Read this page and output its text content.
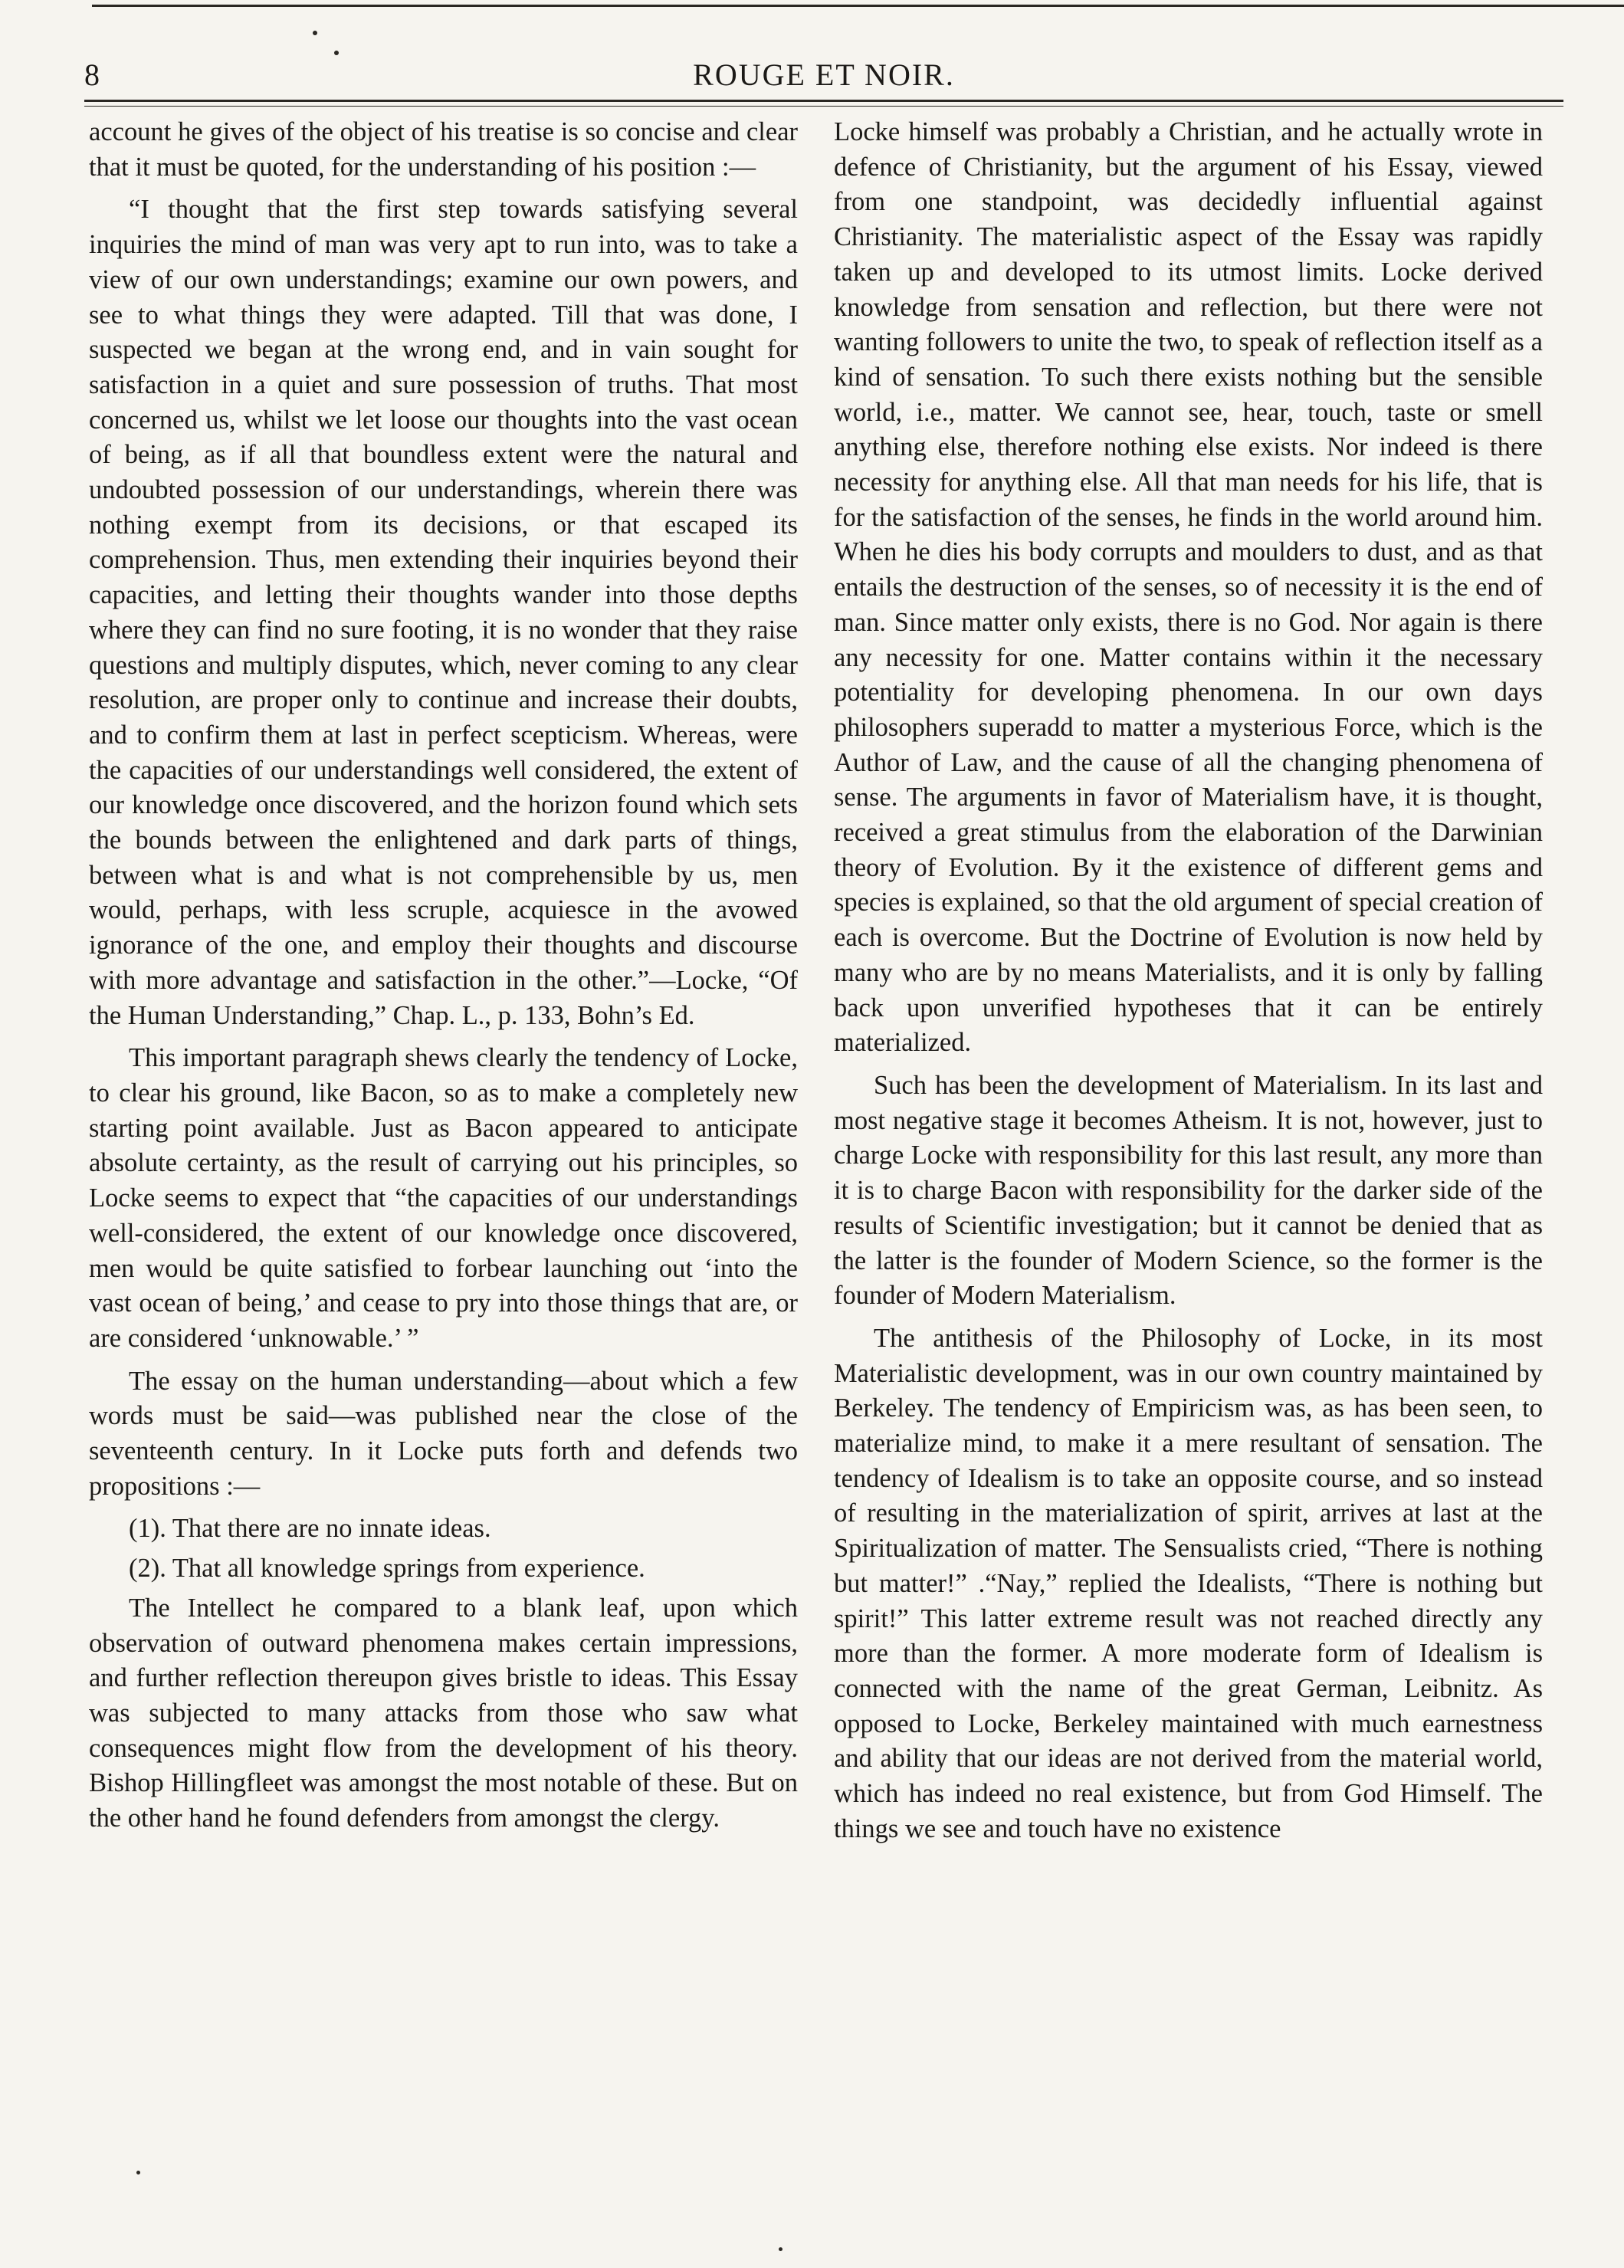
8	ROUGE ET NOIR.

account he gives of the object of his treatise is so concise and clear that it must be quoted, for the understanding of his position :—

“I thought that the first step towards satisfying several inquiries the mind of man was very apt to run into, was to take a view of our own understandings; examine our own powers, and see to what things they were adapted. Till that was done, I suspected we began at the wrong end, and in vain sought for satisfaction in a quiet and sure possession of truths. That most concerned us, whilst we let loose our thoughts into the vast ocean of being, as if all that boundless extent were the natural and undoubted possession of our understandings, wherein there was nothing exempt from its decisions, or that escaped its comprehension. Thus, men extending their inquiries beyond their capacities, and letting their thoughts wander into those depths where they can find no sure footing, it is no wonder that they raise questions and multiply disputes, which, never coming to any clear resolution, are proper only to continue and increase their doubts, and to confirm them at last in perfect scepticism. Whereas, were the capacities of our understandings well considered, the extent of our knowledge once discovered, and the horizon found which sets the bounds between the enlightened and dark parts of things, between what is and what is not comprehensible by us, men would, perhaps, with less scruple, acquiesce in the avowed ignorance of the one, and employ their thoughts and discourse with more advantage and satisfaction in the other.”—Locke, “Of the Human Understanding,” Chap. L., p. 133, Bohn’s Ed.

This important paragraph shews clearly the tendency of Locke, to clear his ground, like Bacon, so as to make a completely new starting point available. Just as Bacon appeared to anticipate absolute certainty, as the result of carrying out his principles, so Locke seems to expect that “the capacities of our understandings well-considered, the extent of our knowledge once discovered, men would be quite satisfied to forbear launching out ‘into the vast ocean of being,’ and cease to pry into those things that are, or are considered ‘unknowable.’ ”

The essay on the human understanding—about which a few words must be said—was published near the close of the seventeenth century. In it Locke puts forth and defends two propositions :—

(1). That there are no innate ideas.

(2). That all knowledge springs from experience.

The Intellect he compared to a blank leaf, upon which observation of outward phenomena makes certain impressions, and further reflection thereupon gives bristle to ideas. This Essay was subjected to many attacks from those who saw what consequences might flow from the development of his theory. Bishop Hillingfleet was amongst the most notable of these. But on the other hand he found defenders from amongst the clergy.

Locke himself was probably a Christian, and he actually wrote in defence of Christianity, but the argument of his Essay, viewed from one standpoint, was decidedly influential against Christianity. The materialistic aspect of the Essay was rapidly taken up and developed to its utmost limits. Locke derived knowledge from sensation and reflection, but there were not wanting followers to unite the two, to speak of reflection itself as a kind of sensation. To such there exists nothing but the sensible world, i.e., matter. We cannot see, hear, touch, taste or smell anything else, therefore nothing else exists. Nor indeed is there necessity for anything else. All that man needs for his life, that is for the satisfaction of the senses, he finds in the world around him. When he dies his body corrupts and moulders to dust, and as that entails the destruction of the senses, so of necessity it is the end of man. Since matter only exists, there is no God. Nor again is there any necessity for one. Matter contains within it the necessary potentiality for developing phenomena. In our own days philosophers superadd to matter a mysterious Force, which is the Author of Law, and the cause of all the changing phenomena of sense. The arguments in favor of Materialism have, it is thought, received a great stimulus from the elaboration of the Darwinian theory of Evolution. By it the existence of different gems and species is explained, so that the old argument of special creation of each is overcome. But the Doctrine of Evolution is now held by many who are by no means Materialists, and it is only by falling back upon unverified hypotheses that it can be entirely materialized.

Such has been the development of Materialism. In its last and most negative stage it becomes Atheism. It is not, however, just to charge Locke with responsibility for this last result, any more than it is to charge Bacon with responsibility for the darker side of the results of Scientific investigation; but it cannot be denied that as the latter is the founder of Modern Science, so the former is the founder of Modern Materialism.

The antithesis of the Philosophy of Locke, in its most Materialistic development, was in our own country maintained by Berkeley. The tendency of Empiricism was, as has been seen, to materialize mind, to make it a mere resultant of sensation. The tendency of Idealism is to take an opposite course, and so instead of resulting in the materialization of spirit, arrives at last at the Spiritualization of matter. The Sensualists cried, “There is nothing but matter!” .“Nay,” replied the Idealists, “There is nothing but spirit!” This latter extreme result was not reached directly any more than the former. A more moderate form of Idealism is connected with the name of the great German, Leibnitz. As opposed to Locke, Berkeley maintained with much earnestness and ability that our ideas are not derived from the material world, which has indeed no real existence, but from God Himself. The things we see and touch have no existence
